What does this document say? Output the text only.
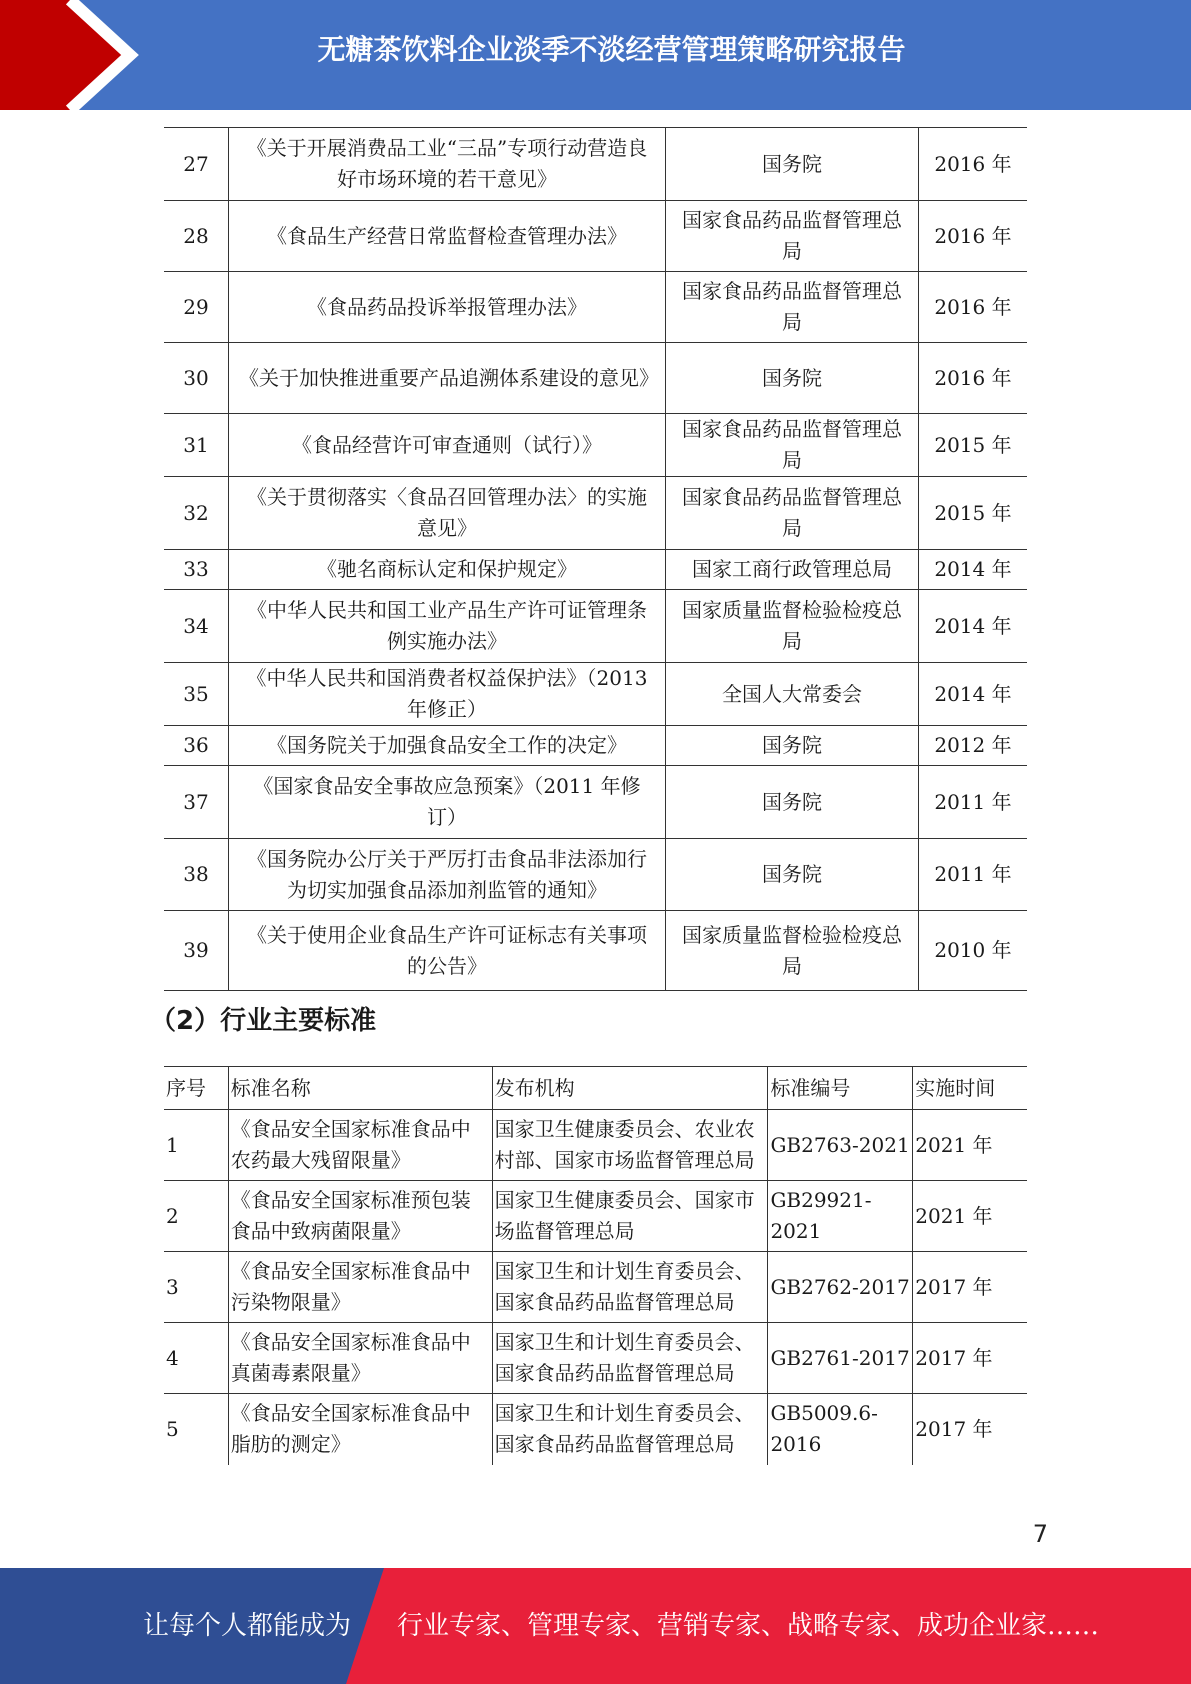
无糖茶饮料企业淡季不淡经营管理策略研究报告
27	《关于开展消费品工业“三品”专项行动营造良好市场环境的若干意见》	国务院	2016 年
28	《食品生产经营日常监督检查管理办法》	国家食品药品监督管理总局	2016 年
29	《食品药品投诉举报管理办法》	国家食品药品监督管理总局	2016 年
30	《关于加快推进重要产品追溯体系建设的意见》	国务院	2016 年
31	《食品经营许可审查通则（试行）》	国家食品药品监督管理总局	2015 年
32	《关于贯彻落实〈食品召回管理办法〉的实施意见》	国家食品药品监督管理总局	2015 年
33	《驰名商标认定和保护规定》	国家工商行政管理总局	2014 年
34	《中华人民共和国工业产品生产许可证管理条例实施办法》	国家质量监督检验检疫总局	2014 年
35	《中华人民共和国消费者权益保护法》（2013 年修正）	全国人大常委会	2014 年
36	《国务院关于加强食品安全工作的决定》	国务院	2012 年
37	《国家食品安全事故应急预案》（2011 年修订）	国务院	2011 年
38	《国务院办公厅关于严厉打击食品非法添加行为切实加强食品添加剂监管的通知》	国务院	2011 年
39	《关于使用企业食品生产许可证标志有关事项的公告》	国家质量监督检验检疫总局	2010 年
（2）行业主要标准
序号	标准名称	发布机构	标准编号	实施时间
1	《食品安全国家标准食品中农药最大残留限量》	国家卫生健康委员会、农业农村部、国家市场监督管理总局	GB2763-2021	2021 年
2	《食品安全国家标准预包装食品中致病菌限量》	国家卫生健康委员会、国家市场监督管理总局	GB29921-2021	2021 年
3	《食品安全国家标准食品中污染物限量》	国家卫生和计划生育委员会、国家食品药品监督管理总局	GB2762-2017	2017 年
4	《食品安全国家标准食品中真菌毒素限量》	国家卫生和计划生育委员会、国家食品药品监督管理总局	GB2761-2017	2017 年
5	《食品安全国家标准食品中脂肪的测定》	国家卫生和计划生育委员会、国家食品药品监督管理总局	GB5009.6-2016	2017 年
7
让每个人都能成为 行业专家、管理专家、营销专家、战略专家、成功企业家……
